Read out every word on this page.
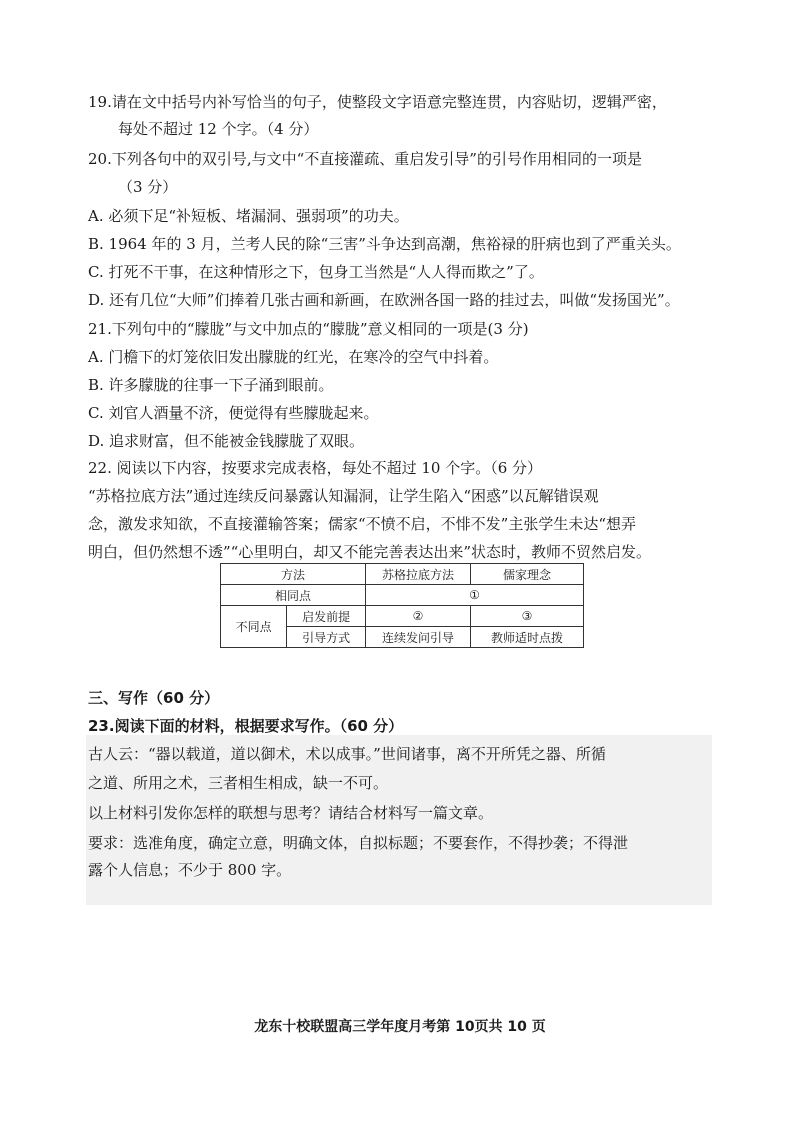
19.请在文中括号内补写恰当的句子，使整段文字语意完整连贯，内容贴切，逻辑严密，
每处不超过 12 个字。（4 分）
20.下列各句中的双引号,与文中“不直接灌疏、重启发引导”的引号作用相同的一项是
（3 分）
A. 必须下足“补短板、堵漏洞、强弱项”的功夫。
B. 1964 年的 3 月，兰考人民的除“三害”斗争达到高潮，焦裕禄的肝病也到了严重关头。
C. 打死不干事，在这种情形之下，包身工当然是“人人得而欺之”了。
D. 还有几位“大师”们捧着几张古画和新画，在欧洲各国一路的挂过去，叫做“发扬国光”。
21.下列句中的“朦胧”与文中加点的“朦胧”意义相同的一项是(3 分)
A. 门檐下的灯笼依旧发出朦胧的红光，在寒冷的空气中抖着。
B. 许多朦胧的往事一下子涌到眼前。
C. 刘官人酒量不济，便觉得有些朦胧起来。
D. 追求财富，但不能被金钱朦胧了双眼。
22. 阅读以下内容，按要求完成表格，每处不超过 10 个字。（6 分）
“苏格拉底方法”通过连续反问暴露认知漏洞，让学生陷入“困惑”以瓦解错误观
念，激发求知欲，不直接灌输答案；儒家“不愤不启，不悱不发”主张学生未达“想弄
明白，但仍然想不透”“心里明白，却又不能完善表达出来”状态时，教师不贸然启发。
方法		苏格拉底方法	儒家理念
相同点		①	
不同点	启发前提	②	③
	引导方式	连续发问引导	教师适时点拨
三、写作（60 分）
23.阅读下面的材料，根据要求写作。（60 分）
古人云：“器以载道，道以御术，术以成事。”世间诸事，离不开所凭之器、所循
之道、所用之术，三者相生相成，缺一不可。
以上材料引发你怎样的联想与思考？请结合材料写一篇文章。
要求：选准角度，确定立意，明确文体，自拟标题；不要套作，不得抄袭；不得泄
露个人信息；不少于 800 字。
龙东十校联盟高三学年度月考第 10页共 10 页
